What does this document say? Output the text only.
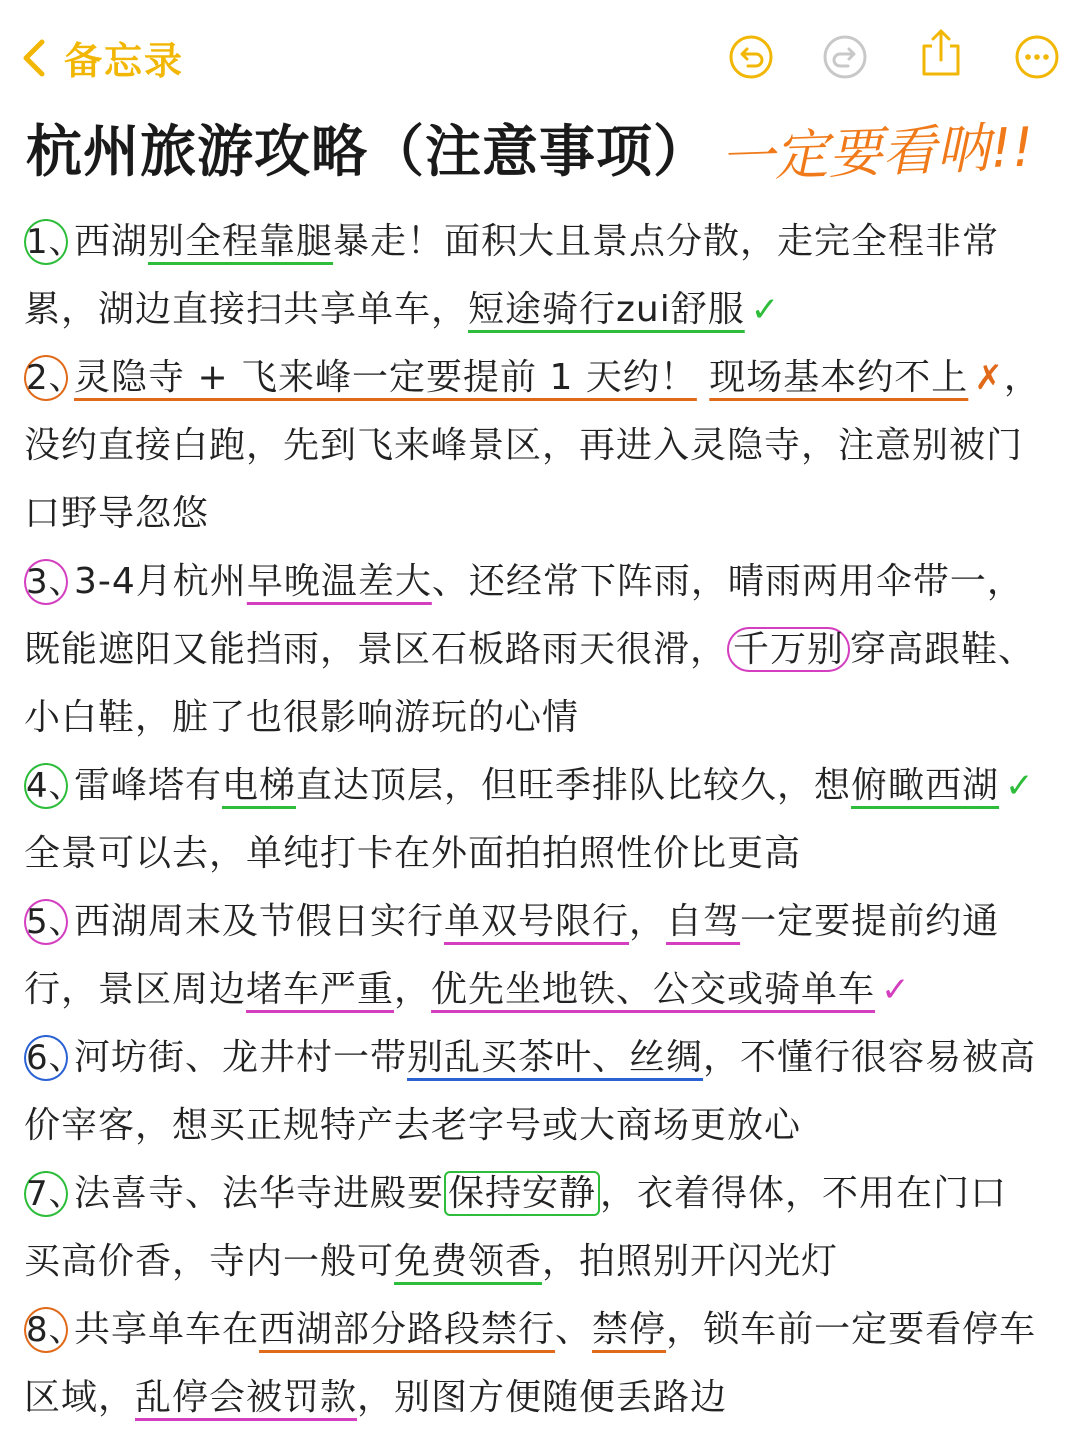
备忘录
杭州旅游攻略（注意事项） 一定要看呐!!

1、西湖别全程靠腿暴走！面积大且景点分散，走完全程非常累，湖边直接扫共享单车，短途骑行zui舒服 ✓

2、灵隐寺 + 飞来峰一定要提前 1 天约！ 现场基本约不上 ✗，没约直接白跑，先到飞来峰景区，再进入灵隐寺，注意别被门口野导忽悠

3、3-4月杭州早晚温差大、还经常下阵雨，晴雨两用伞带一，既能遮阳又能挡雨，景区石板路雨天很滑， 千万别 穿高跟鞋、小白鞋，脏了也很影响游玩的心情

4、雷峰塔有电梯直达顶层，但旺季排队比较久，想俯瞰西湖 ✓全景可以去，单纯打卡在外面拍拍照性价比更高

5、西湖周末及节假日实行单双号限行，自驾一定要提前约通行，景区周边堵车严重，优先坐地铁、公交或骑单车 ✓

6、河坊街、龙井村一带别乱买茶叶、丝绸，不懂行很容易被高价宰客，想买正规特产去老字号或大商场更放心

7、法喜寺、法华寺进殿要 保持安静 ，衣着得体，不用在门口买高价香，寺内一般可免费领香，拍照别开闪光灯

8、共享单车在西湖部分路段禁行、禁停，锁车前一定要看停车区域，乱停会被罚款，别图方便随便丢路边
